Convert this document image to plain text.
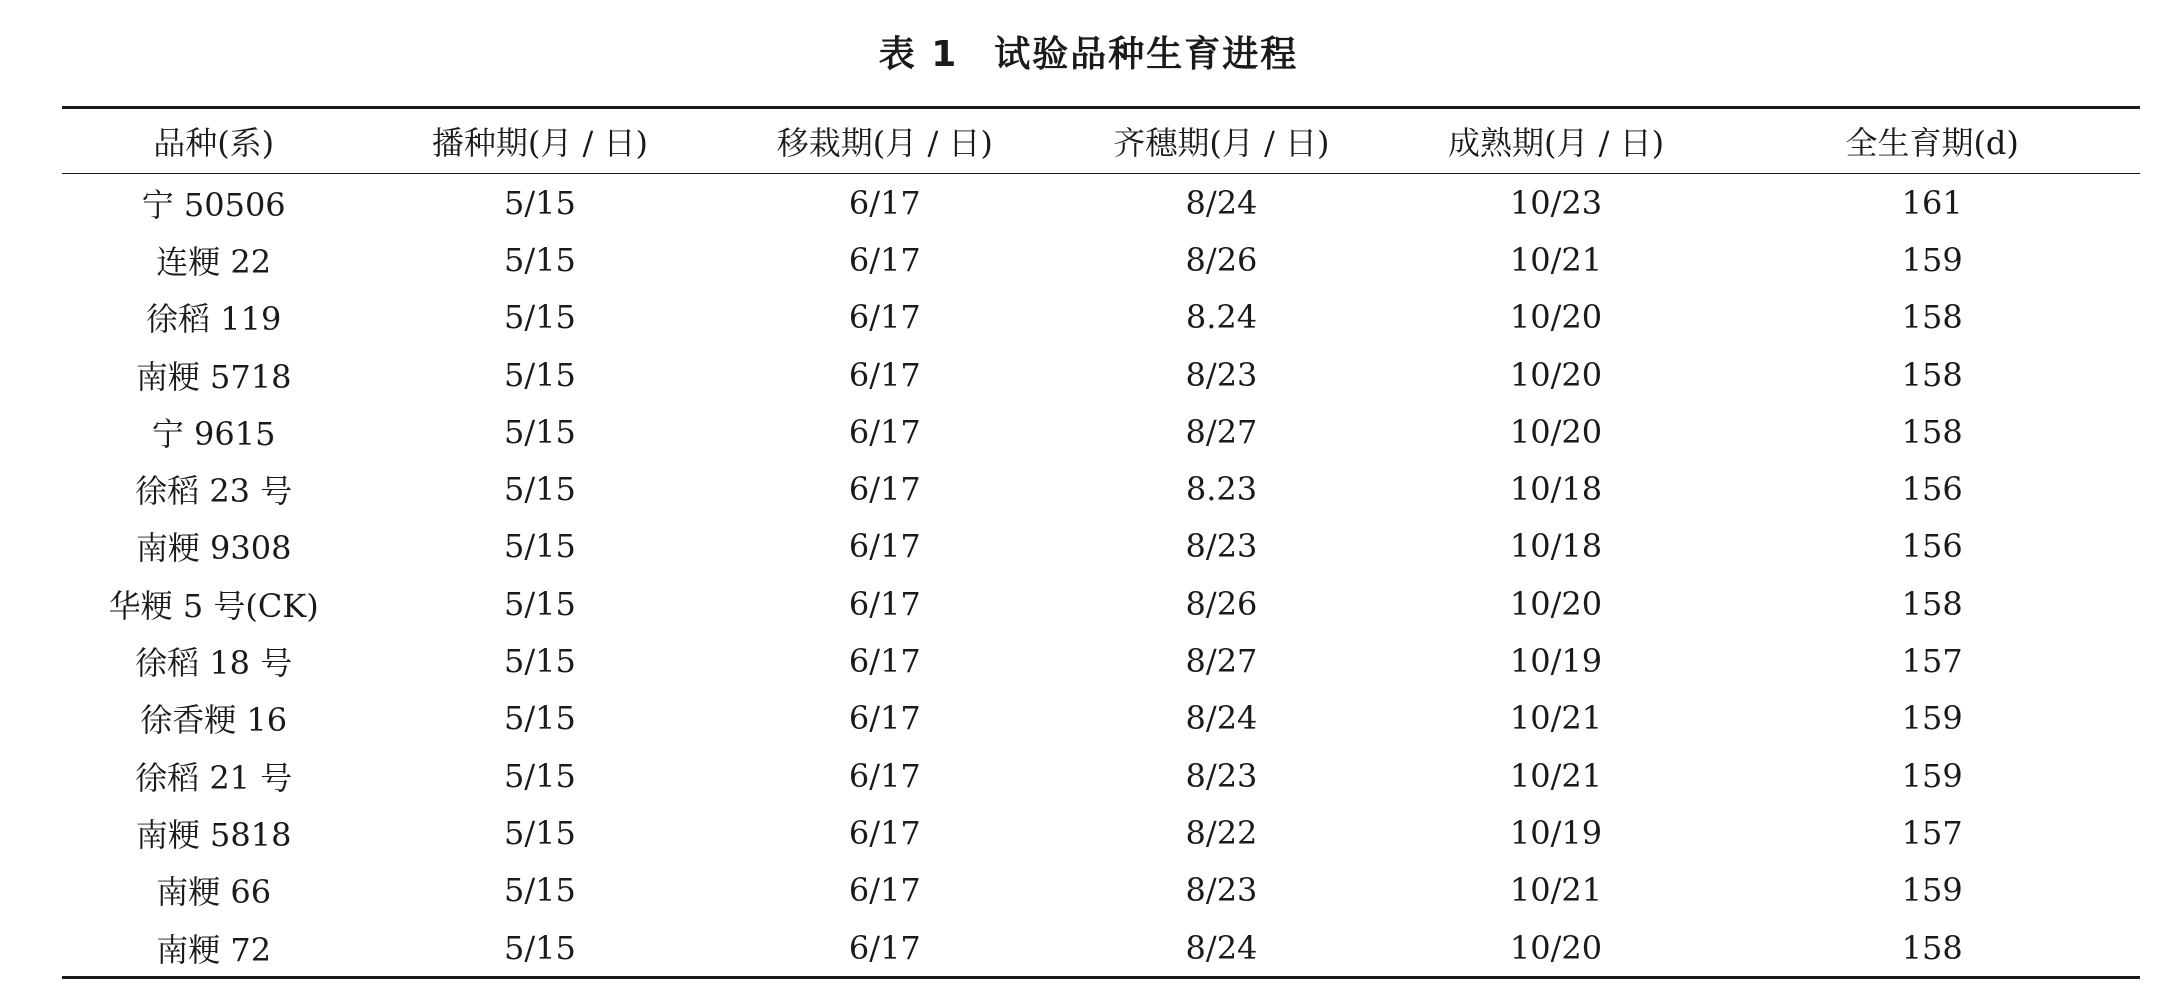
表 1 试验品种生育进程
品种(系)	播种期(月 / 日)	移栽期(月 / 日)	齐穗期(月 / 日)	成熟期(月 / 日)	全生育期(d)
宁 50506	5/15	6/17	8/24	10/23	161
连粳 22	5/15	6/17	8/26	10/21	159
徐稻 119	5/15	6/17	8.24	10/20	158
南粳 5718	5/15	6/17	8/23	10/20	158
宁 9615	5/15	6/17	8/27	10/20	158
徐稻 23 号	5/15	6/17	8.23	10/18	156
南粳 9308	5/15	6/17	8/23	10/18	156
华粳 5 号(CK)	5/15	6/17	8/26	10/20	158
徐稻 18 号	5/15	6/17	8/27	10/19	157
徐香粳 16	5/15	6/17	8/24	10/21	159
徐稻 21 号	5/15	6/17	8/23	10/21	159
南粳 5818	5/15	6/17	8/22	10/19	157
南粳 66	5/15	6/17	8/23	10/21	159
南粳 72	5/15	6/17	8/24	10/20	158
